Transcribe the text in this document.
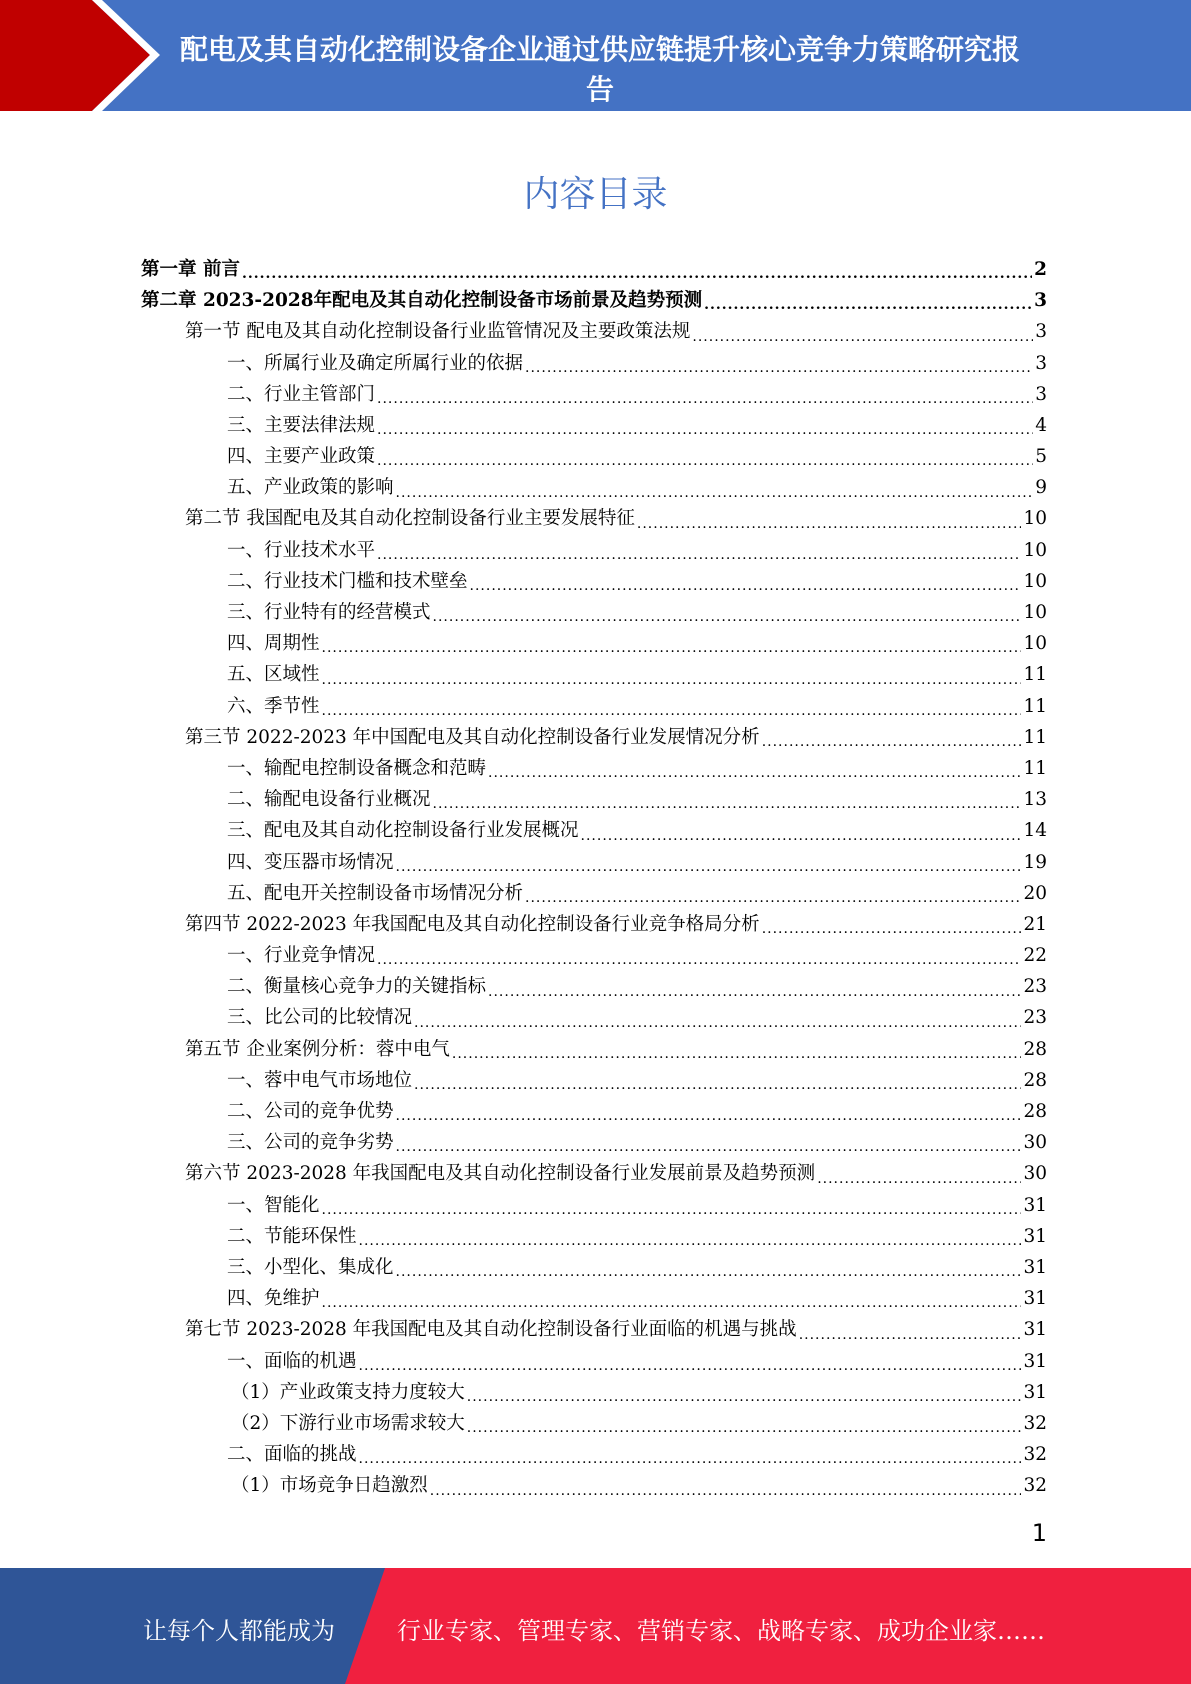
配电及其自动化控制设备企业通过供应链提升核心竞争力策略研究报告
内容目录
第一章 前言 .....	2
第二章 2023-2028年配电及其自动化控制设备市场前景及趋势预测 .....	3
第一节 配电及其自动化控制设备行业监管情况及主要政策法规 .....	3
一、所属行业及确定所属行业的依据 .....	3
二、行业主管部门 .....	3
三、主要法律法规 .....	4
四、主要产业政策 .....	5
五、产业政策的影响 .....	9
第二节 我国配电及其自动化控制设备行业主要发展特征 .....	10
一、行业技术水平 .....	10
二、行业技术门槛和技术壁垒 .....	10
三、行业特有的经营模式 .....	10
四、周期性 .....	10
五、区域性 .....	11
六、季节性 .....	11
第三节 2022-2023 年中国配电及其自动化控制设备行业发展情况分析 .....	11
一、输配电控制设备概念和范畴 .....	11
二、输配电设备行业概况 .....	13
三、配电及其自动化控制设备行业发展概况 .....	14
四、变压器市场情况 .....	19
五、配电开关控制设备市场情况分析 .....	20
第四节 2022-2023 年我国配电及其自动化控制设备行业竞争格局分析 .....	21
一、行业竞争情况 .....	22
二、衡量核心竞争力的关键指标 .....	23
三、比公司的比较情况 .....	23
第五节 企业案例分析：蓉中电气 .....	28
一、蓉中电气市场地位 .....	28
二、公司的竞争优势 .....	28
三、公司的竞争劣势 .....	30
第六节 2023-2028 年我国配电及其自动化控制设备行业发展前景及趋势预测 .....	30
一、智能化 .....	31
二、节能环保性 .....	31
三、小型化、集成化 .....	31
四、免维护 .....	31
第七节 2023-2028 年我国配电及其自动化控制设备行业面临的机遇与挑战 .....	31
一、面临的机遇 .....	31
（1）产业政策支持力度较大 .....	31
（2）下游行业市场需求较大 .....	32
二、面临的挑战 .....	32
（1）市场竞争日趋激烈 .....	32
1
让每个人都能成为	行业专家、管理专家、营销专家、战略专家、成功企业家……
